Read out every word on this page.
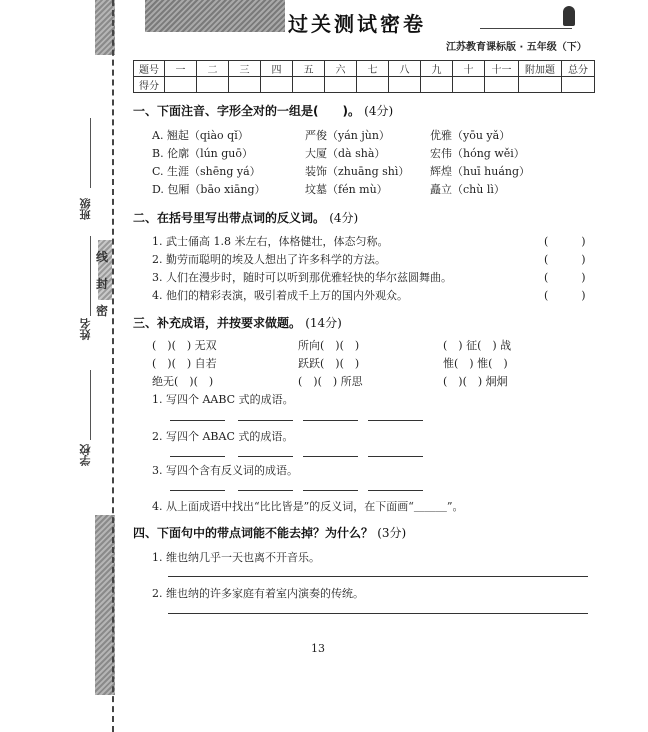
班级
姓名
学校
线
封
密
过关测试密卷
江苏教育课标版 · 五年级（下）
题号	一	二	三	四	五	六	七	八	九	十	十一	附加题	总分
得分													
一、下面注音、字形全对的一组是(　　)。 (4分)
A. 翘起（qiào qǐ）	严俊（yán jùn）	优雅（yōu yǎ）
B. 伦廓（lún guō）	大厦（dà shà）	宏伟（hóng wěi）
C. 生涯（shēng yá）	装饰（zhuāng shì） 辉煌（huī huáng）
D. 包厢（bāo xiāng）	坟墓（fén mù）	矗立（chù lì）
二、在括号里写出带点词的反义词。 (4分)
1. 武士俑高 1.8 米左右，体格健壮，体态匀称。	(　　　)
2. 勤劳而聪明的埃及人想出了许多科学的方法。	(　　　)
3. 人们在漫步时，随时可以听到那优雅轻快的华尔兹圆舞曲。	(　　　)
4. 他们的精彩表演，吸引着成千上万的国内外观众。	(　　　)
三、补充成语，并按要求做题。 (14分)
(　)(　) 无双	所向(　)(　)	(　) 征(　) 战
(　)(　) 自若	跃跃(　)(　)	惟(　) 惟(　)
绝无(　)(　)	(　)(　) 所思	(　)(　) 炯炯
1. 写四个 AABC 式的成语。
2. 写四个 ABAC 式的成语。
3. 写四个含有反义词的成语。
4. 从上面成语中找出“比比皆是”的反义词，在下面画“＿＿＿”。
四、下面句中的带点词能不能去掉？为什么？ (3分)
1. 维也纳几乎一天也离不开音乐。
2. 维也纳的许多家庭有着室内演奏的传统。
13
